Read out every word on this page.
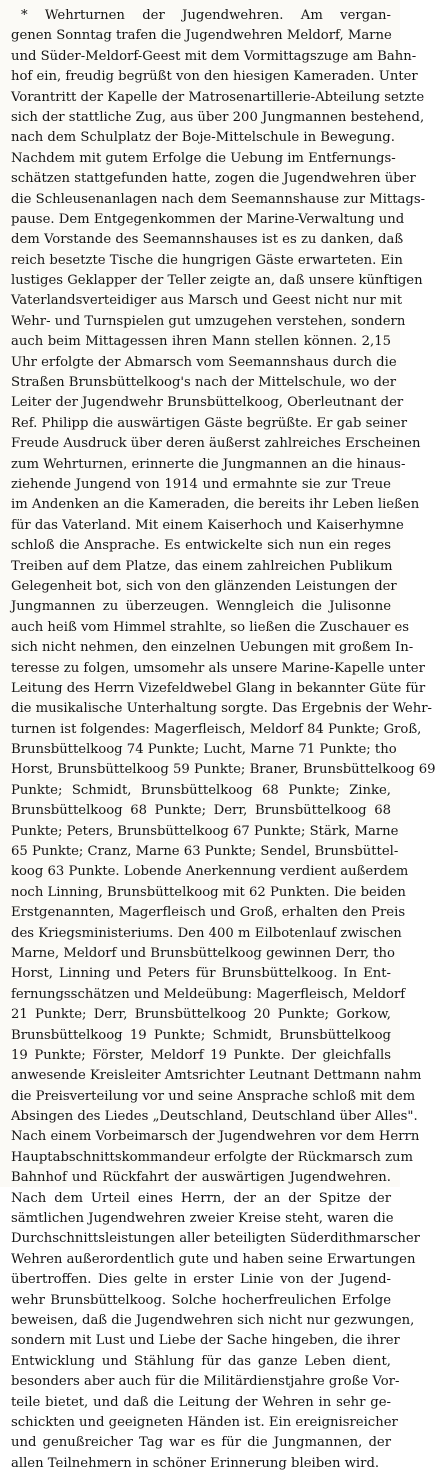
* Wehrturnen der Jugendwehren. Am vergan-
genen Sonntag trafen die Jugendwehren Meldorf, Marne
und Süder-Meldorf-Geest mit dem Vormittagszuge am Bahn-
hof ein, freudig begrüßt von den hiesigen Kameraden. Unter
Vorantritt der Kapelle der Matrosenartillerie-Abteilung setzte
sich der stattliche Zug, aus über 200 Jungmannen bestehend,
nach dem Schulplatz der Boje-Mittelschule in Bewegung.
Nachdem mit gutem Erfolge die Uebung im Entfernungs-
schätzen stattgefunden hatte, zogen die Jugendwehren über
die Schleusenanlagen nach dem Seemannshause zur Mittags-
pause. Dem Entgegenkommen der Marine-Verwaltung und
dem Vorstande des Seemannshauses ist es zu danken, daß
reich besetzte Tische die hungrigen Gäste erwarteten. Ein
lustiges Geklapper der Teller zeigte an, daß unsere künftigen
Vaterlandsverteidiger aus Marsch und Geest nicht nur mit
Wehr- und Turnspielen gut umzugehen verstehen, sondern
auch beim Mittagessen ihren Mann stellen können. 2,15
Uhr erfolgte der Abmarsch vom Seemannshaus durch die
Straßen Brunsbüttelkoog's nach der Mittelschule, wo der
Leiter der Jugendwehr Brunsbüttelkoog, Oberleutnant der
Ref. Philipp die auswärtigen Gäste begrüßte. Er gab seiner
Freude Ausdruck über deren äußerst zahlreiches Erscheinen
zum Wehrturnen, erinnerte die Jungmannen an die hinaus-
ziehende Jungend von 1914 und ermahnte sie zur Treue
im Andenken an die Kameraden, die bereits ihr Leben ließen
für das Vaterland. Mit einem Kaiserhoch und Kaiserhymne
schloß die Ansprache. Es entwickelte sich nun ein reges
Treiben auf dem Platze, das einem zahlreichen Publikum
Gelegenheit bot, sich von den glänzenden Leistungen der
Jungmannen zu überzeugen. Wenngleich die Julisonne
auch heiß vom Himmel strahlte, so ließen die Zuschauer es
sich nicht nehmen, den einzelnen Uebungen mit großem In-
teresse zu folgen, umsomehr als unsere Marine-Kapelle unter
Leitung des Herrn Vizefeldwebel Glang in bekannter Güte für
die musikalische Unterhaltung sorgte. Das Ergebnis der Wehr-
turnen ist folgendes: Magerfleisch, Meldorf 84 Punkte; Groß,
Brunsbüttelkoog 74 Punkte; Lucht, Marne 71 Punkte; tho
Horst, Brunsbüttelkoog 59 Punkte; Braner, Brunsbüttelkoog 69
Punkte; Schmidt, Brunsbüttelkoog 68 Punkte; Zinke,
Brunsbüttelkoog 68 Punkte; Derr, Brunsbüttelkoog 68
Punkte; Peters, Brunsbüttelkoog 67 Punkte; Stärk, Marne
65 Punkte; Cranz, Marne 63 Punkte; Sendel, Brunsbüttel-
koog 63 Punkte. Lobende Anerkennung verdient außerdem
noch Linning, Brunsbüttelkoog mit 62 Punkten. Die beiden
Erstgenannten, Magerfleisch und Groß, erhalten den Preis
des Kriegsministeriums. Den 400 m Eilbotenlauf zwischen
Marne, Meldorf und Brunsbüttelkoog gewinnen Derr, tho
Horst, Linning und Peters für Brunsbüttelkoog. In Ent-
fernungsschätzen und Meldeübung: Magerfleisch, Meldorf
21 Punkte; Derr, Brunsbüttelkoog 20 Punkte; Gorkow,
Brunsbüttelkoog 19 Punkte; Schmidt, Brunsbüttelkoog
19 Punkte; Förster, Meldorf 19 Punkte. Der gleichfalls
anwesende Kreisleiter Amtsrichter Leutnant Dettmann nahm
die Preisverteilung vor und seine Ansprache schloß mit dem
Absingen des Liedes „Deutschland, Deutschland über Alles".
Nach einem Vorbeimarsch der Jugendwehren vor dem Herrn
Hauptabschnittskommandeur erfolgte der Rückmarsch zum
Bahnhof und Rückfahrt der auswärtigen Jugendwehren.
Nach dem Urteil eines Herrn, der an der Spitze der
sämtlichen Jugendwehren zweier Kreise steht, waren die
Durchschnittsleistungen aller beteiligten Süderdithmarscher
Wehren außerordentlich gute und haben seine Erwartungen
übertroffen. Dies gelte in erster Linie von der Jugend-
wehr Brunsbüttelkoog. Solche hocherfreulichen Erfolge
beweisen, daß die Jugendwehren sich nicht nur gezwungen,
sondern mit Lust und Liebe der Sache hingeben, die ihrer
Entwicklung und Stählung für das ganze Leben dient,
besonders aber auch für die Militärdienstjahre große Vor-
teile bietet, und daß die Leitung der Wehren in sehr ge-
schickten und geeigneten Händen ist. Ein ereignisreicher
und genußreicher Tag war es für die Jungmannen, der
allen Teilnehmern in schöner Erinnerung bleiben wird.
